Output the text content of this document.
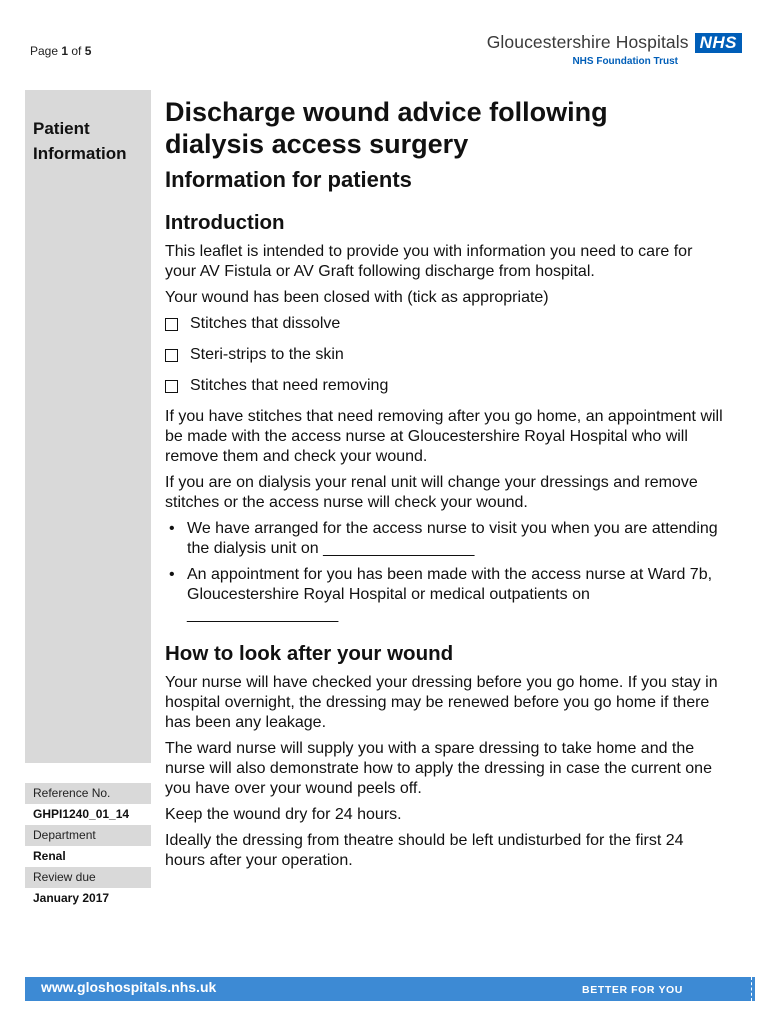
Page 1 of 5	Gloucestershire Hospitals NHS
NHS Foundation Trust
Patient
Information
Reference No.
GHPI1240_01_14
Department
Renal
Review due
January 2017
Discharge wound advice following
dialysis access surgery
Information for patients
Introduction

This leaflet is intended to provide you with information you need to care for your AV Fistula or AV Graft following discharge from hospital.

Your wound has been closed with (tick as appropriate)

Stitches that dissolve
Steri-strips to the skin
Stitches that need removing

If you have stitches that need removing after you go home, an appointment will be made with the access nurse at Gloucestershire Royal Hospital who will remove them and check your wound.

If you are on dialysis your renal unit will change your dressings and remove stitches or the access nurse will check your wound.

• We have arranged for the access nurse to visit you when you are attending the dialysis unit on _________________
• An appointment for you has been made with the access nurse at Ward 7b, Gloucestershire Royal Hospital or medical outpatients on _________________
How to look after your wound

Your nurse will have checked your dressing before you go home. If you stay in hospital overnight, the dressing may be renewed before you go home if there has been any leakage.

The ward nurse will supply you with a spare dressing to take home and the nurse will also demonstrate how to apply the dressing in case the current one you have over your wound peels off.

Keep the wound dry for 24 hours.

Ideally the dressing from theatre should be left undisturbed for the first 24 hours after your operation.

www.gloshospitals.nhs.uk	BETTER FOR YOU
